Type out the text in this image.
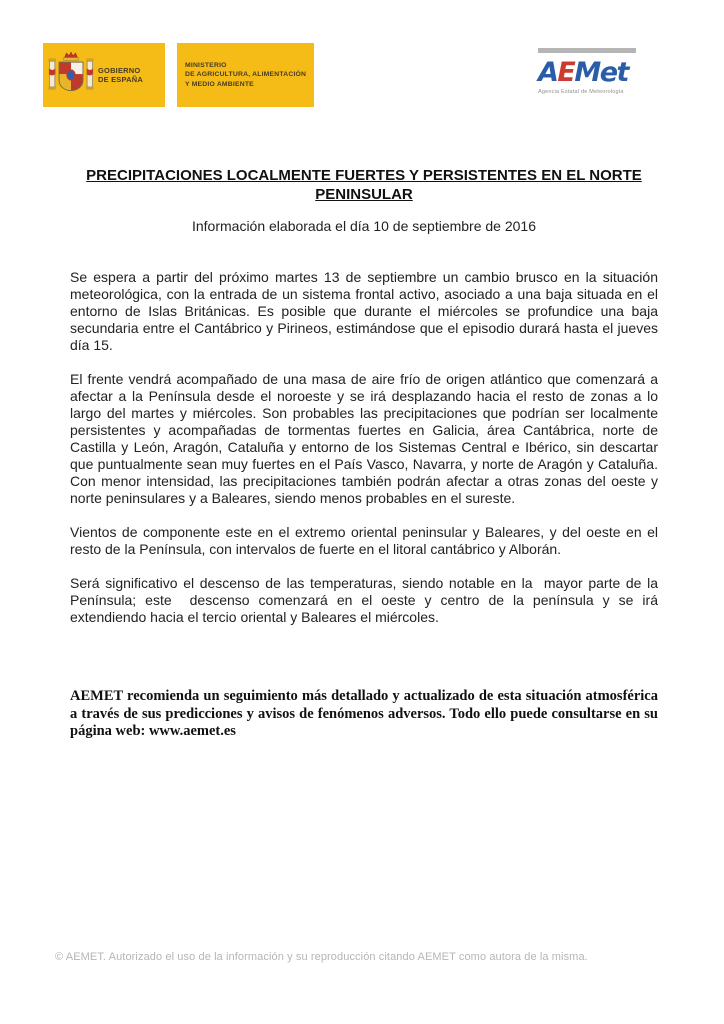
GOBIERNO
DE ESPAÑA
MINISTERIO
DE AGRICULTURA, ALIMENTACIÓN
Y MEDIO AMBIENTE	AEMet
Agencia Estatal de Meteorología
PRECIPITACIONES LOCALMENTE FUERTES Y PERSISTENTES EN EL NORTE
PENINSULAR
Información elaborada el día 10 de septiembre de 2016

Se espera a partir del próximo martes 13 de septiembre un cambio brusco en la situación meteorológica, con la entrada de un sistema frontal activo, asociado a una baja situada en el entorno de Islas Británicas. Es posible que durante el miércoles se profundice una baja secundaria entre el Cantábrico y Pirineos, estimándose que el episodio durará hasta el jueves día 15.

El frente vendrá acompañado de una masa de aire frío de origen atlántico que comenzará a afectar a la Península desde el noroeste y se irá desplazando hacia el resto de zonas a lo largo del martes y miércoles. Son probables las precipitaciones que podrían ser localmente persistentes y acompañadas de tormentas fuertes en Galicia, área Cantábrica, norte de Castilla y León, Aragón, Cataluña y entorno de los Sistemas Central e Ibérico, sin descartar que puntualmente sean muy fuertes en el País Vasco, Navarra, y norte de Aragón y Cataluña. Con menor intensidad, las precipitaciones también podrán afectar a otras zonas del oeste y norte peninsulares y a Baleares, siendo menos probables en el sureste.

Vientos de componente este en el extremo oriental peninsular y Baleares, y del oeste en el resto de la Península, con intervalos de fuerte en el litoral cantábrico y Alborán.

Será significativo el descenso de las temperaturas, siendo notable en la  mayor parte de la Península; este  descenso comenzará en el oeste y centro de la península y se irá extendiendo hacia el tercio oriental y Baleares el miércoles.

AEMET recomienda un seguimiento más detallado y actualizado de esta situación atmosférica a través de sus predicciones y avisos de fenómenos adversos. Todo ello puede consultarse en su página web: www.aemet.es

© AEMET. Autorizado el uso de la información y su reproducción citando AEMET como autora de la misma.
